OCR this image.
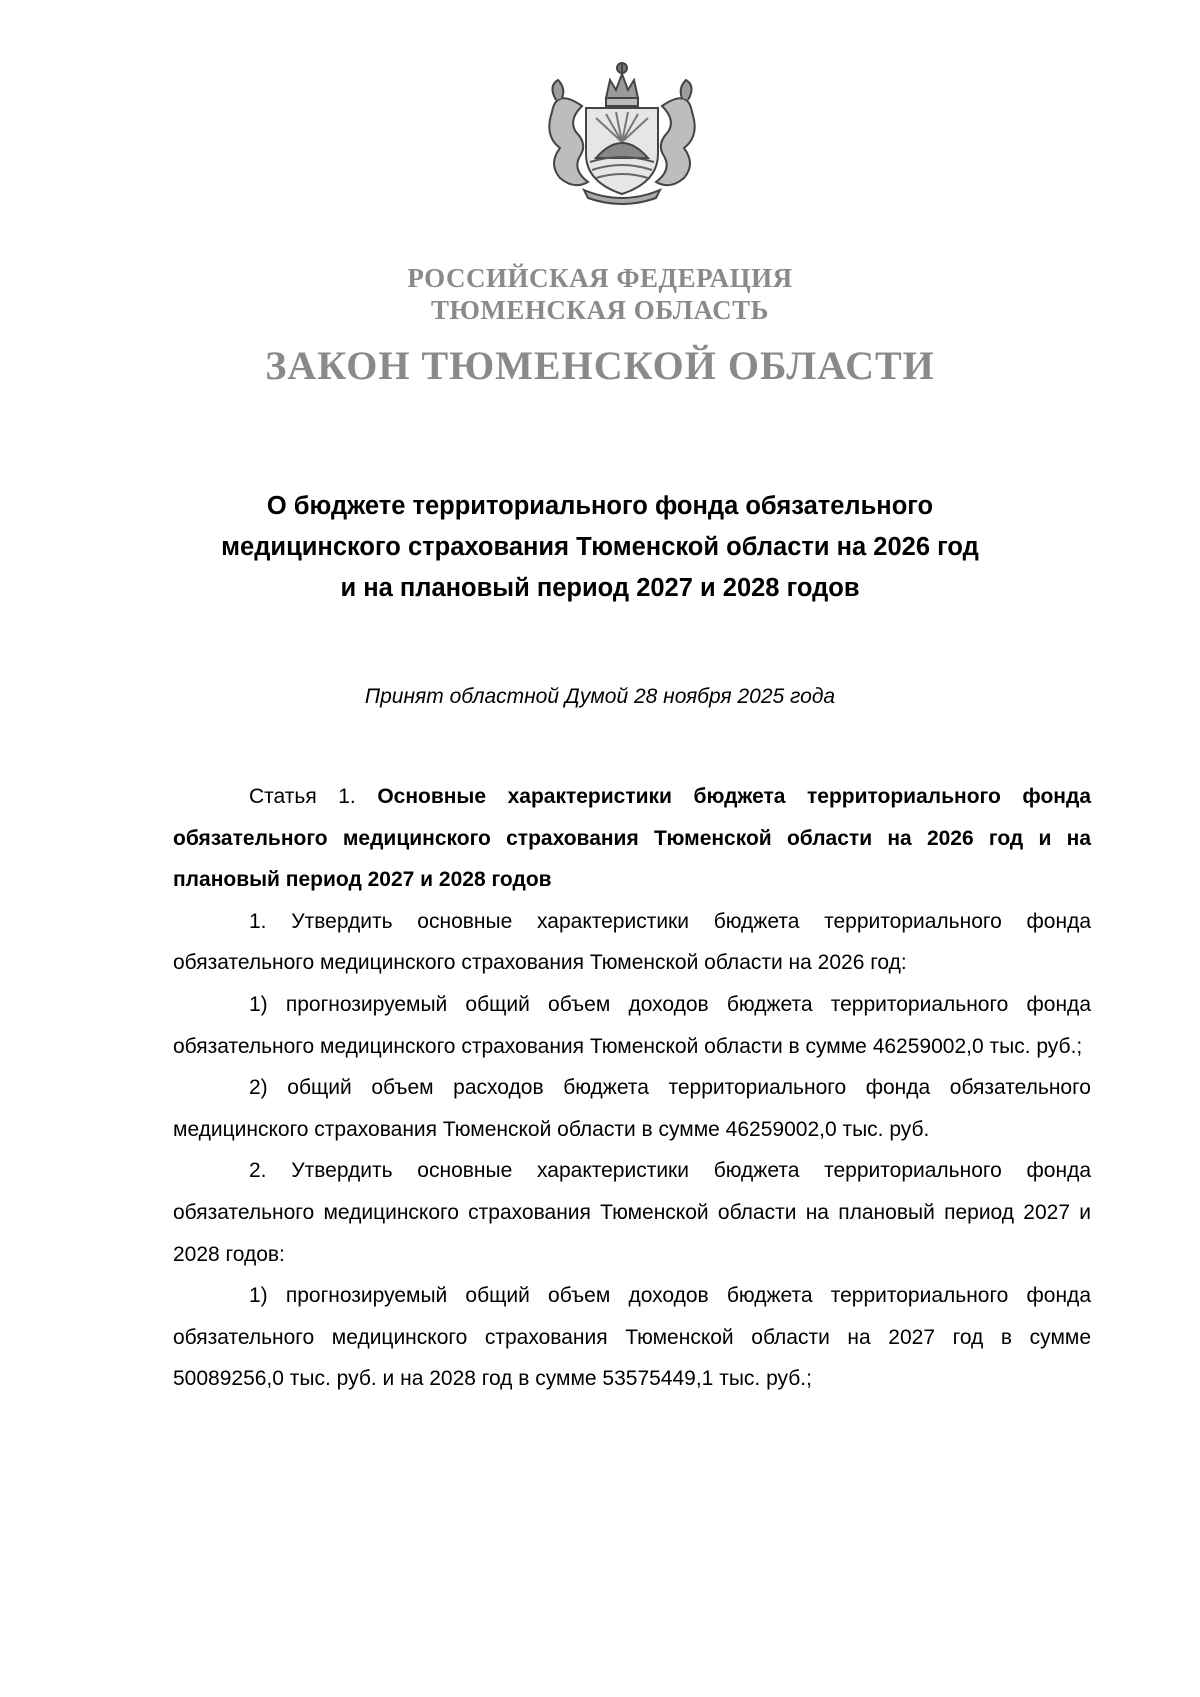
РОССИЙСКАЯ ФЕДЕРАЦИЯ
ТЮМЕНСКАЯ ОБЛАСТЬ
ЗАКОН ТЮМЕНСКОЙ ОБЛАСТИ
О бюджете территориального фонда обязательного
медицинского страхования Тюменской области на 2026 год
и на плановый период 2027 и 2028 годов
Принят областной Думой 28 ноября 2025 года

Статья 1. Основные характеристики бюджета территориального фонда обязательного медицинского страхования Тюменской области на 2026 год и на плановый период 2027 и 2028 годов

1. Утвердить основные характеристики бюджета территориального фонда обязательного медицинского страхования Тюменской области на 2026 год:

1) прогнозируемый общий объем доходов бюджета территориального фонда обязательного медицинского страхования Тюменской области в сумме 46259002,0 тыс. руб.;

2) общий объем расходов бюджета территориального фонда обязательного медицинского страхования Тюменской области в сумме 46259002,0 тыс. руб.

2. Утвердить основные характеристики бюджета территориального фонда обязательного медицинского страхования Тюменской области на плановый период 2027 и 2028 годов:

1) прогнозируемый общий объем доходов бюджета территориального фонда обязательного медицинского страхования Тюменской области на 2027 год в сумме 50089256,0 тыс. руб. и на 2028 год в сумме 53575449,1 тыс. руб.;
